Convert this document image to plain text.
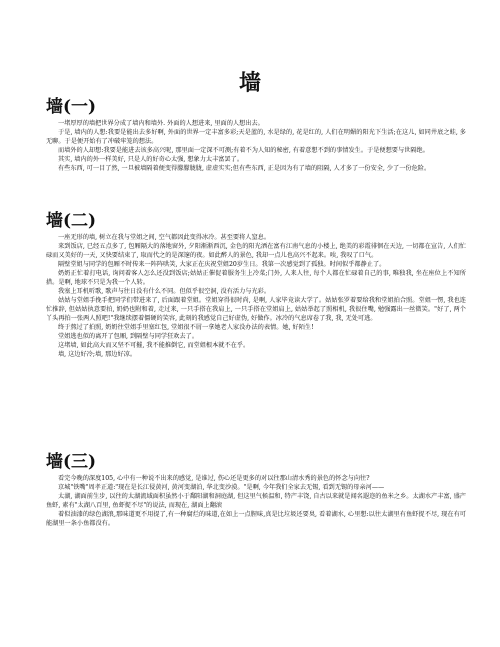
墙
墙(一)

一堵厚厚的墙把世界分成了墙内和墙外. 外面的人想进来, 里面的人想出去。

于是, 墙内的人想:我要是能出去多好啊, 外面的世界一定丰富多彩;天是蓝的, 水是绿的, 花是红的, 人们在明媚的阳光下生活;在这儿, 如同井底之蛙, 多无聊。于是便开始有了冲破牢笼的想法。

而墙外的人却想:我要是能进去该多高兴呢, 那里面一定深不可测;有着不为人知的秘密, 有着意想不到的事情发生。于是便想要与世隔绝。

其实, 墙内的外一样美好, 只是人的好奇心太强, 想象力太丰富罢了。

有些东西, 可一目了然, 一旦被墙隔着便变得朦朦胧胧, 虚虚实实;但有些东西, 正是因为有了墙的阻隔, 人才多了一份安全, 少了一份危险。

墙(二)

一座无形的墙, 树立在我与堂姐之间, 空气都因此变得冰冷。甚至要将人窒息。

来到饭店, 已经五点多了, 包厢隔大的落地窗外, 夕阳渐渐西沉, 金色的阳光洒在富有江南气息的小楼上, 绝美的彩霞徘徊在天边, 一切都在宣告, 人们忙碌而又美好的一天, 又快要结束了, 取而代之的是深邃的夜。如此醉人的景色, 我却一点儿也高兴不起来。唉, 我叹了口气。

隔壁堂姐与同学的包厢不时传来一阵阵哄笑, 大家正在庆祝堂姐20岁生日。我第一次感觉到了孤独。时间似乎都静止了。

奶奶正忙着打电话, 询问着客人怎么还没到饭店;姑姑正催促着服务生上冷菜;门外, 人来人往, 每个人都在忙碌着自己的事, 唯独我, 坐在座位上不知所措。是啊, 地球不只是为我一个人转。

我塞上耳机听歌, 歌声与往日没有什么不同。但似乎很空洞, 没有活力与光彩。

姑姑与堂姐手挽手把同学们带进来了, 后面跟着堂姐。堂姐穿得很时尚, 是啊, 人家毕竟读大学了。姑姑张罗着要给我和堂姐拍合照。堂姐一愣, 我也连忙推辞, 但姑姑执意要拍, 奶奶也附和着, 走过来, 一只手搭在我肩上, 一只手搭在堂姐肩上, 姑姑举起了照相机, 我很住嘴, 勉强露出一丝微笑。"好了, 两个丫头再拍一张两人照吧!"我继续摆着僵硬的笑容, 此刻的我感觉自己好虚伪, 好做作。冰冷的气息席卷了我, 我, 无处可逃。

终于熬过了拍照, 奶奶往堂姐手里塞红包, 堂姐很不屑一拿她老人家没办法的表情。她, 好陌生!

堂姐逃也似的离开了包厢, 到隔壁与同学狂欢去了。

这堵墙, 如此高大而又坚不可摧, 我不能推倒它, 而堂姐根本就不在乎。

墙, 这边好冷;墙, 那边好凉。

墙(三)

看完今晚的深度105, 心中有一种说不出来的感觉, 是谁过, 伤心还是更多的对以往那山清水秀的景色的怀念与向往?

京城"铁嘴"周孝正道:"现在是长江侵黄河, 黄河变湖泊, 华北变沙漠。"是啊, 今年我们全家去无锡, 看到无锡的母亲河——

太湖, 湖面前生步, 以往的太湖流域面积虽然小于鄱阳湖和洞庭湖, 但这里气候温和, 特产丰饶, 自古以来就是闻名遐迩的鱼米之乡。太湖水产丰富, 盛产鱼虾, 素有"太湖八百里, 鱼虾捉不尽"的说法, 而现在, 湖面上翻滚

着似油漆的绿色湖浪,那味道更不用提了,有一种腐烂的味道,在如上一点腥味,真是比垃圾还要臭, 看着湖水, 心里想:以往太湖里有鱼虾捉不尽, 现在有可能湖里一条小鱼都没有。
